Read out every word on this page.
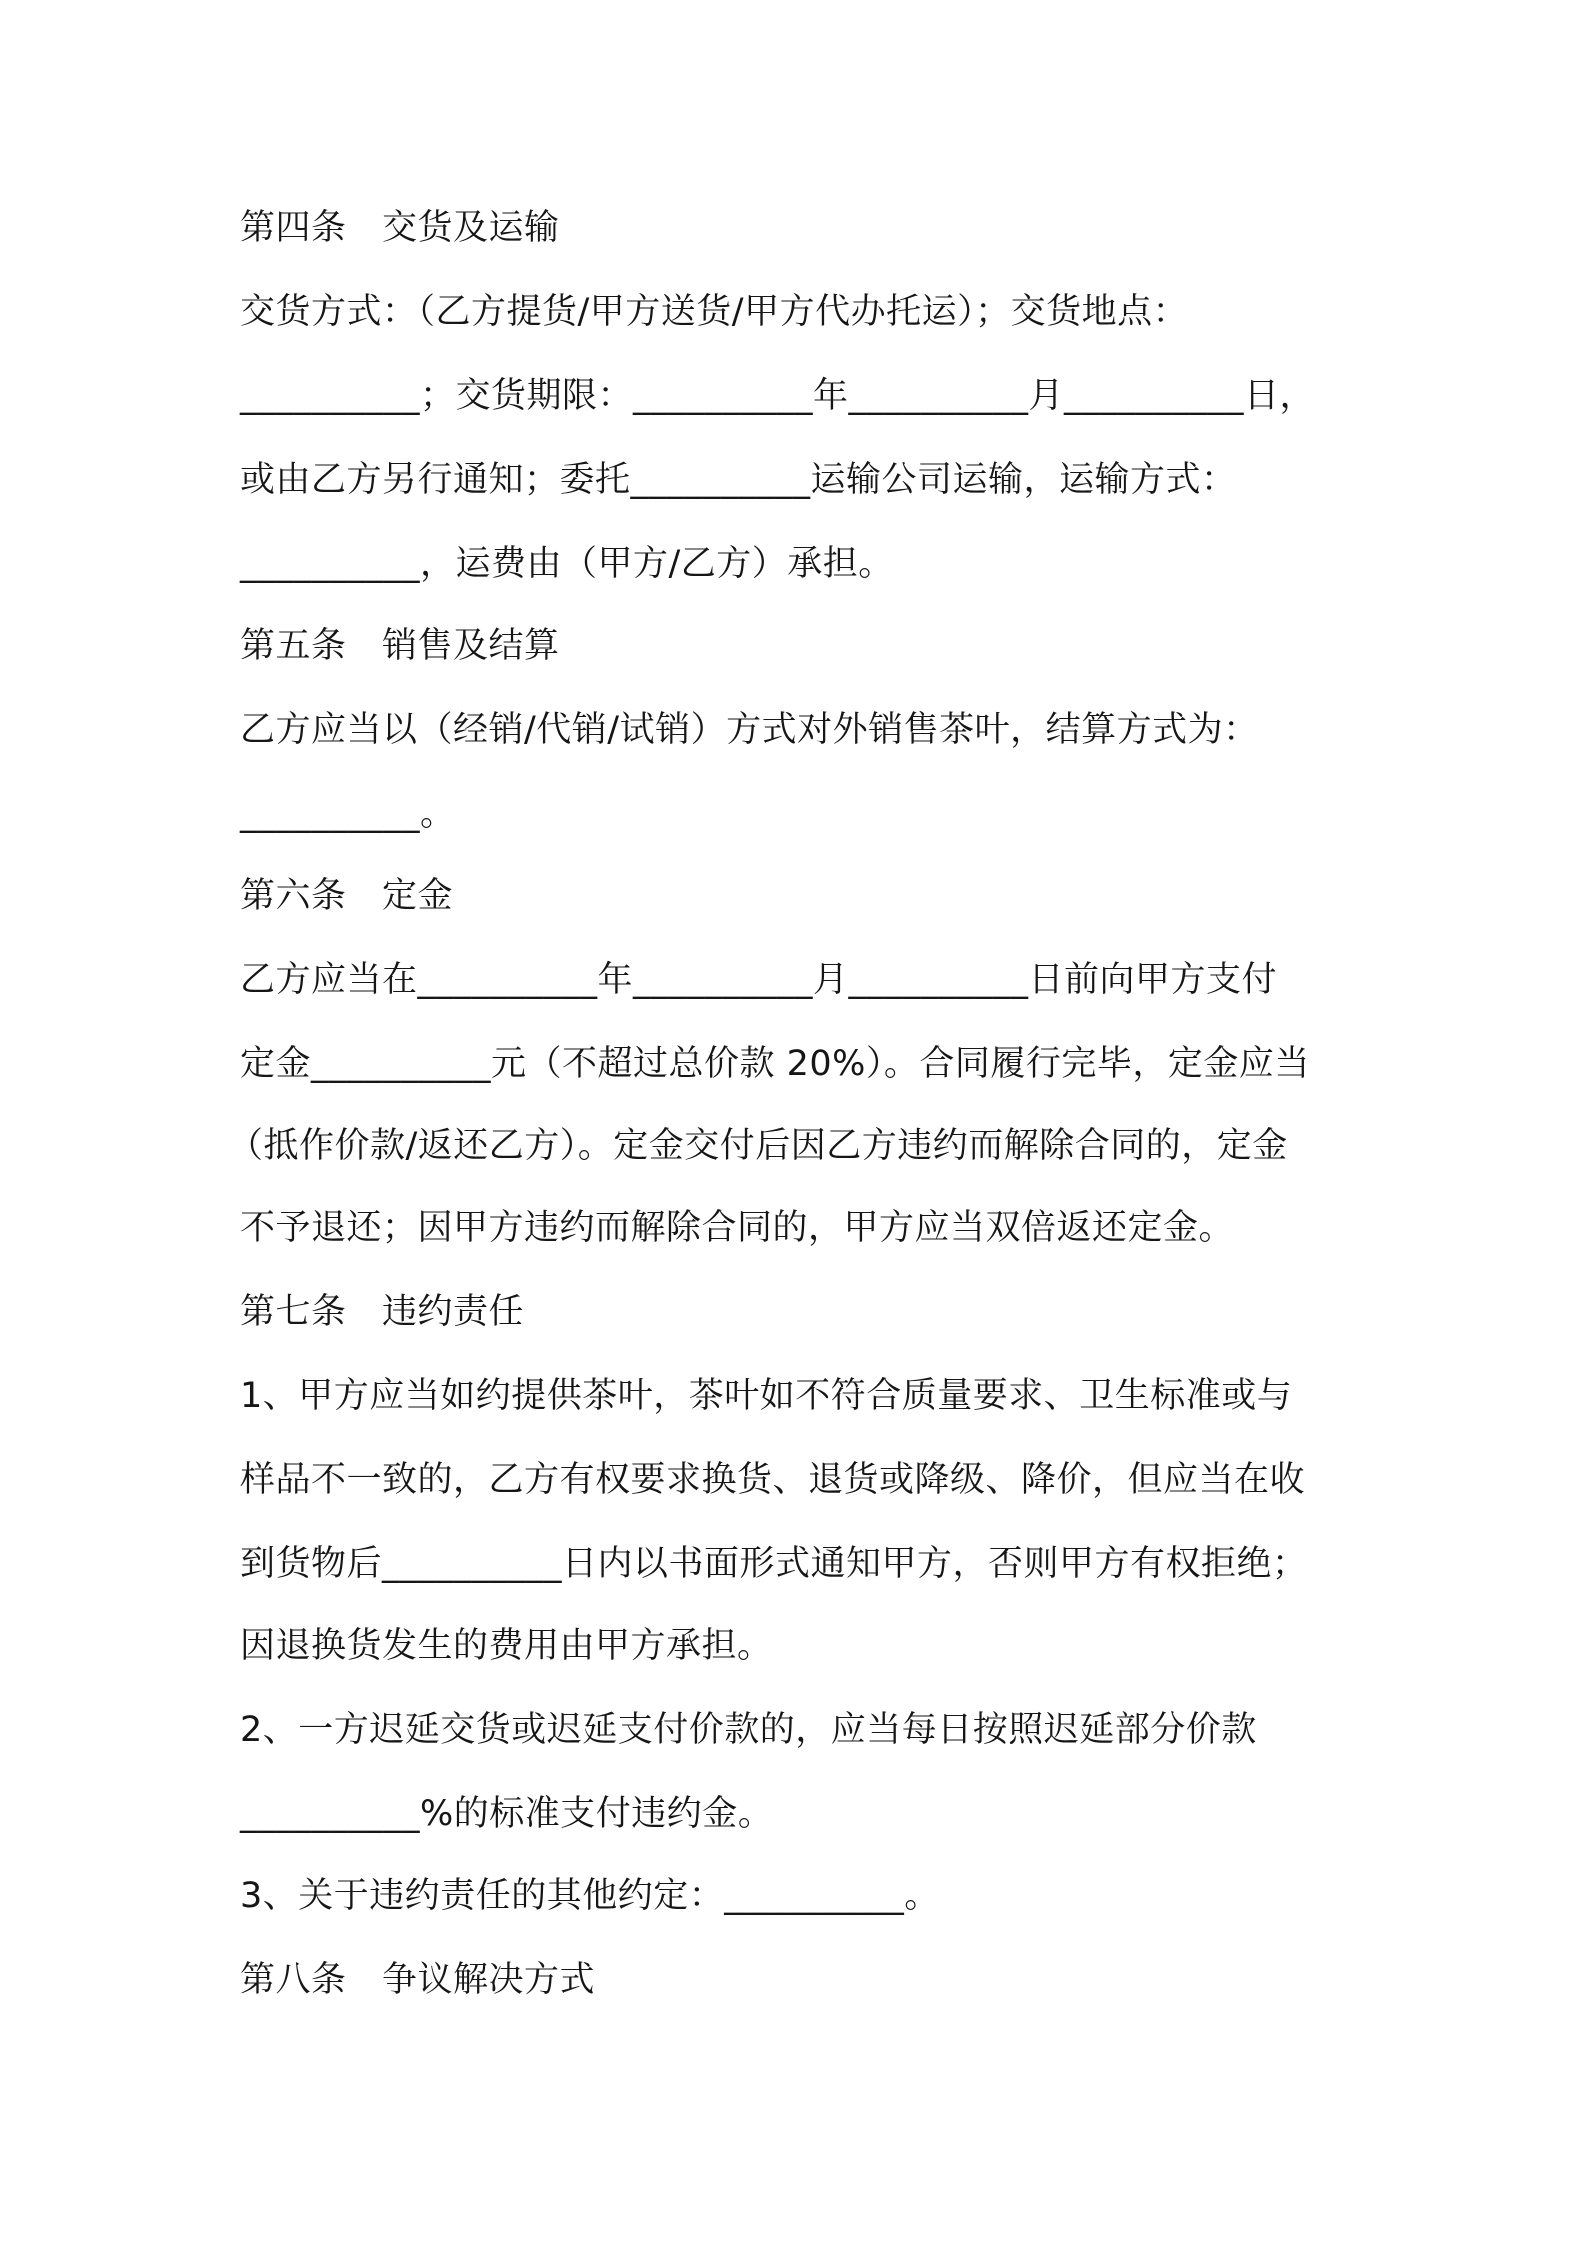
第四条　交货及运输

交货方式：（乙方提货/甲方送货/甲方代办托运）；交货地点：

__________；交货期限：__________年__________月__________日，

或由乙方另行通知；委托__________运输公司运输，运输方式：

__________，运费由（甲方/乙方）承担。

第五条　销售及结算

乙方应当以（经销/代销/试销）方式对外销售茶叶，结算方式为：

__________。

第六条　定金

乙方应当在__________年__________月__________日前向甲方支付

定金__________元（不超过总价款 20%）。合同履行完毕，定金应当

（抵作价款/返还乙方）。定金交付后因乙方违约而解除合同的，定金

不予退还；因甲方违约而解除合同的，甲方应当双倍返还定金。

第七条　违约责任

1、甲方应当如约提供茶叶，茶叶如不符合质量要求、卫生标准或与

样品不一致的，乙方有权要求换货、退货或降级、降价，但应当在收

到货物后__________日内以书面形式通知甲方，否则甲方有权拒绝；

因退换货发生的费用由甲方承担。

2、一方迟延交货或迟延支付价款的，应当每日按照迟延部分价款

__________%的标准支付违约金。

3、关于违约责任的其他约定：__________。

第八条　争议解决方式
